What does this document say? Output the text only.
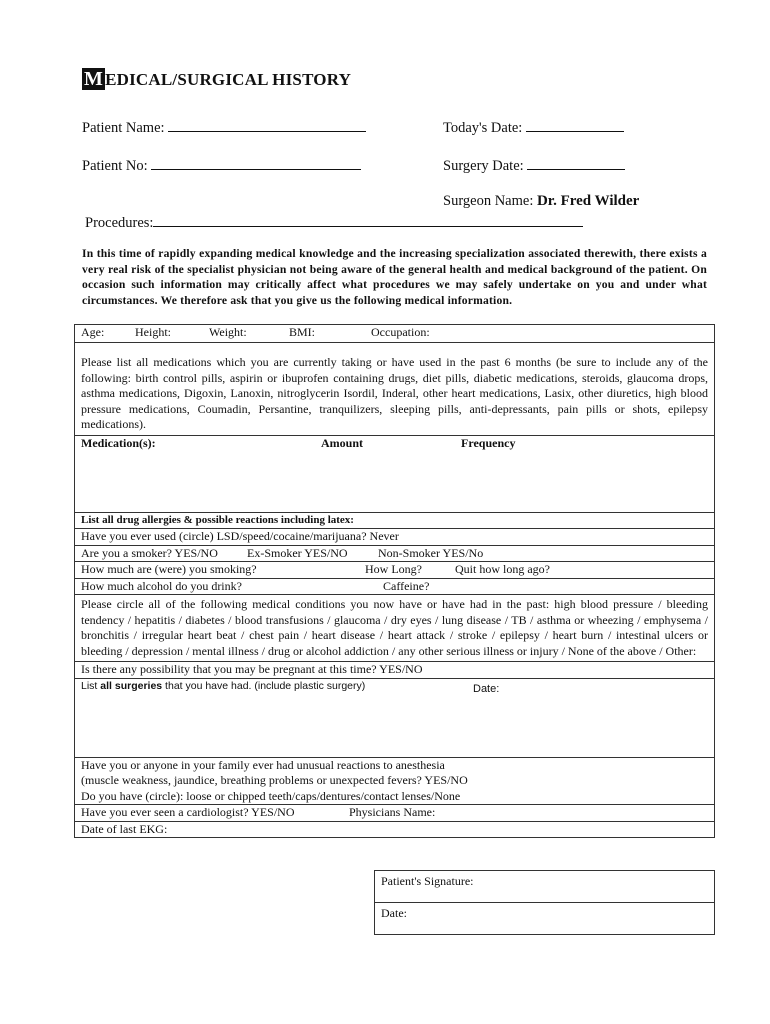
M EDICAL/SURGICAL HISTORY
Patient Name:	Today's Date:
Patient No:	Surgery Date:
Surgeon Name: Dr. Fred Wilder
Procedures:
In this time of rapidly expanding medical knowledge and the increasing specialization associated therewith, there exists a very real risk of the specialist physician not being aware of the general health and medical background of the patient. On occasion such information may critically affect what procedures we may safely undertake on you and under what circumstances. We therefore ask that you give us the following medical information.
Age:	Height:	Weight:	BMI:	Occupation:
Please list all medications which you are currently taking or have used in the past 6 months (be sure to include any of the following: birth control pills, aspirin or ibuprofen containing drugs, diet pills, diabetic medications, steroids, glaucoma drops, asthma medications, Digoxin, Lanoxin, nitroglycerin Isordil, Inderal, other heart medications, Lasix, other diuretics, high blood pressure medications, Coumadin, Persantine, tranquilizers, sleeping pills, anti-depressants, pain pills or shots, epilepsy medications).
Medication(s):	Amount	Frequency
List all drug allergies & possible reactions including latex:
Have you ever used (circle) LSD/speed/cocaine/marijuana? Never
Are you a smoker? YES/NO Ex-Smoker YES/NO	Non-Smoker YES/No
How much are (were) you smoking?	How Long?	Quit how long ago?
How much alcohol do you drink?	Caffeine?
Please circle all of the following medical conditions you now have or have had in the past: high blood pressure / bleeding tendency / hepatitis / diabetes / blood transfusions / glaucoma / dry eyes / lung disease / TB / asthma or wheezing / emphysema / bronchitis / irregular heart beat / chest pain / heart disease / heart attack / stroke / epilepsy / heart burn / intestinal ulcers or bleeding / depression / mental illness / drug or alcohol addiction / any other serious illness or injury / None of the above / Other:
Is there any possibility that you may be pregnant at this time? YES/NO
List all surgeries that you have had. (include plastic surgery)	Date:

Have you or anyone in your family ever had unusual reactions to anesthesia
(muscle weakness, jaundice, breathing problems or unexpected fevers? YES/NO
Do you have (circle): loose or chipped teeth/caps/dentures/contact lenses/None

Have you ever seen a cardiologist? YES/NO	Physicians Name:
Date of last EKG:
Patient's Signature:
Date:
